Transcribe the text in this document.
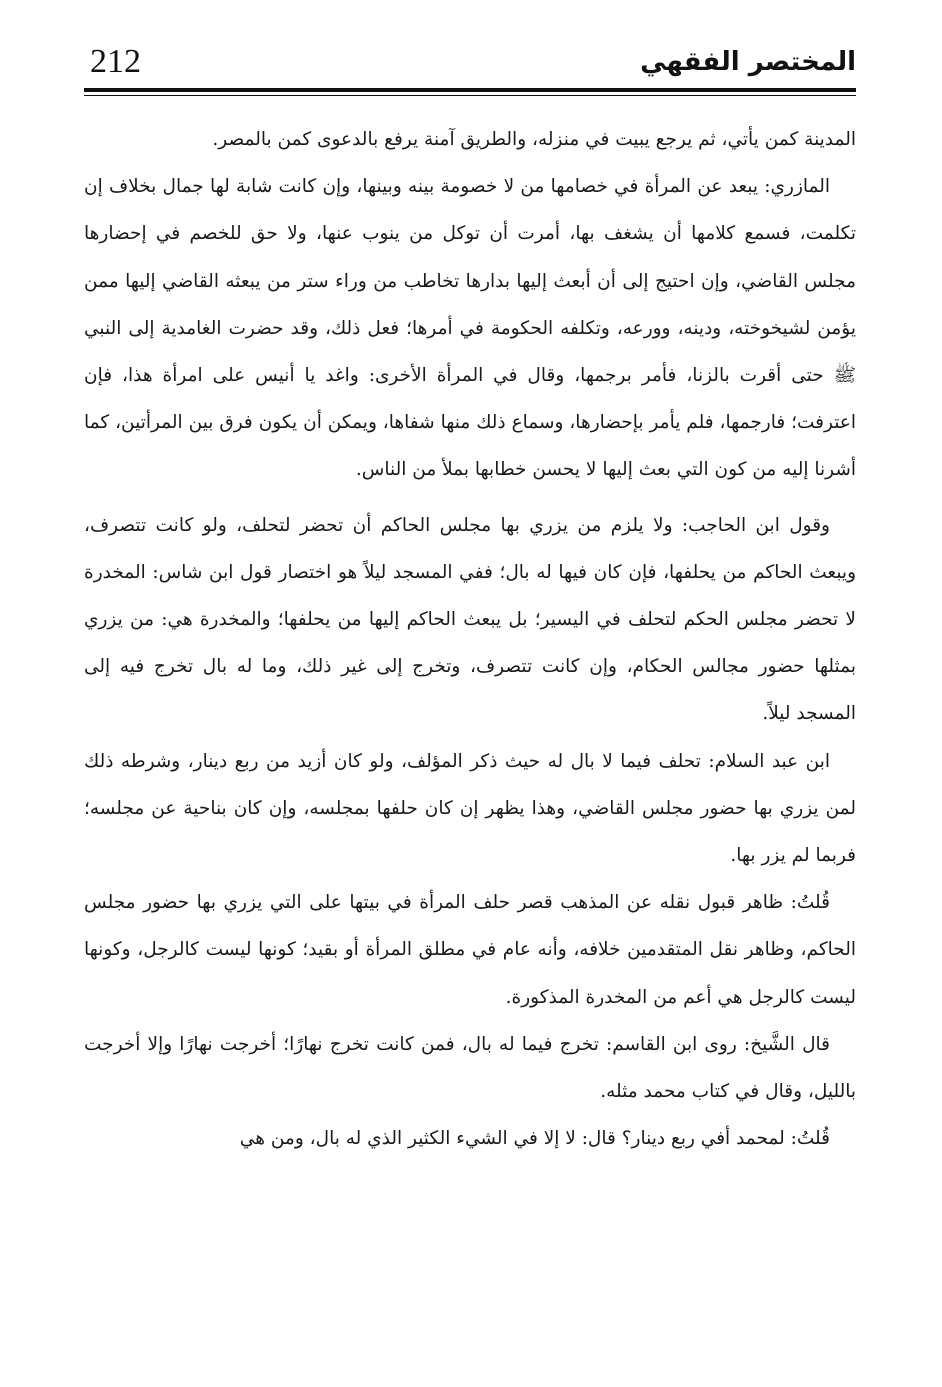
212	المختصر الفقهي

المدينة كمن يأتي، ثم يرجع يبيت في منزله، والطريق آمنة يرفع بالدعوى كمن بالمصر.

المازري: يبعد عن المرأة في خصامها من لا خصومة بينه وبينها، وإن كانت شابة لها جمال بخلاف إن تكلمت، فسمع كلامها أن يشغف بها، أمرت أن توكل من ينوب عنها، ولا حق للخصم في إحضارها مجلس القاضي، وإن احتيج إلى أن أبعث إليها بدارها تخاطب من وراء ستر من يبعثه القاضي إليها ممن يؤمن لشيخوخته، ودينه، وورعه، وتكلفه الحكومة في أمرها؛ فعل ذلك، وقد حضرت الغامدية إلى النبي ﷺ حتى أقرت بالزنا، فأمر برجمها، وقال في المرأة الأخرى: واغد يا أنيس على امرأة هذا، فإن اعترفت؛ فارجمها، فلم يأمر بإحضارها، وسماع ذلك منها شفاها، ويمكن أن يكون فرق بين المرأتين، كما أشرنا إليه من كون التي بعث إليها لا يحسن خطابها بملأ من الناس.

وقول ابن الحاجب: ولا يلزم من يزري بها مجلس الحاكم أن تحضر لتحلف، ولو كانت تتصرف، ويبعث الحاكم من يحلفها، فإن كان فيها له بال؛ ففي المسجد ليلاً هو اختصار قول ابن شاس: المخدرة لا تحضر مجلس الحكم لتحلف في اليسير؛ بل يبعث الحاكم إليها من يحلفها؛ والمخدرة هي: من يزري بمثلها حضور مجالس الحكام، وإن كانت تتصرف، وتخرج إلى غير ذلك، وما له بال تخرج فيه إلى المسجد ليلاً.

ابن عبد السلام: تحلف فيما لا بال له حيث ذكر المؤلف، ولو كان أزيد من ربع دينار، وشرطه ذلك لمن يزري بها حضور مجلس القاضي، وهذا يظهر إن كان حلفها بمجلسه، وإن كان بناحية عن مجلسه؛ فربما لم يزر بها.

قُلتُ: ظاهر قبول نقله عن المذهب قصر حلف المرأة في بيتها على التي يزري بها حضور مجلس الحاكم، وظاهر نقل المتقدمين خلافه، وأنه عام في مطلق المرأة أو بقيد؛ كونها ليست كالرجل، وكونها ليست كالرجل هي أعم من المخدرة المذكورة.

قال الشَّيخ: روى ابن القاسم: تخرج فيما له بال، فمن كانت تخرج نهارًا؛ أخرجت نهارًا وإلا أخرجت بالليل، وقال في كتاب محمد مثله.

قُلتُ: لمحمد أفي ربع دينار؟ قال: لا إلا في الشيء الكثير الذي له بال، ومن هي
